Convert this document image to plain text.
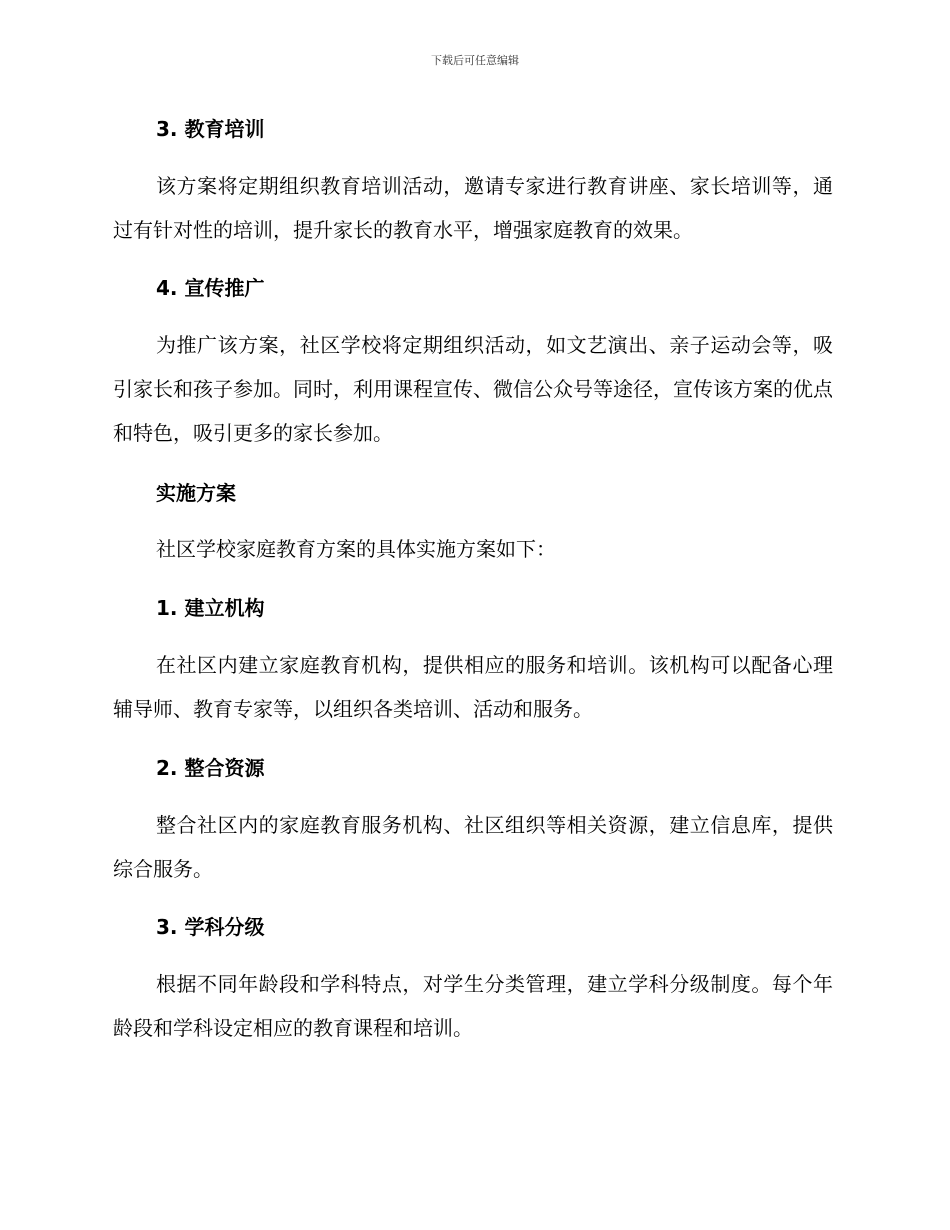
下载后可任意编辑
3. 教育培训

该方案将定期组织教育培训活动，邀请专家进行教育讲座、家长培训等，通过有针对性的培训，提升家长的教育水平，增强家庭教育的效果。

4. 宣传推广

为推广该方案，社区学校将定期组织活动，如文艺演出、亲子运动会等，吸引家长和孩子参加。同时，利用课程宣传、微信公众号等途径，宣传该方案的优点和特色，吸引更多的家长参加。

实施方案

社区学校家庭教育方案的具体实施方案如下：

1. 建立机构

在社区内建立家庭教育机构，提供相应的服务和培训。该机构可以配备心理辅导师、教育专家等，以组织各类培训、活动和服务。

2. 整合资源

整合社区内的家庭教育服务机构、社区组织等相关资源，建立信息库，提供综合服务。

3. 学科分级

根据不同年龄段和学科特点，对学生分类管理，建立学科分级制度。每个年龄段和学科设定相应的教育课程和培训。
